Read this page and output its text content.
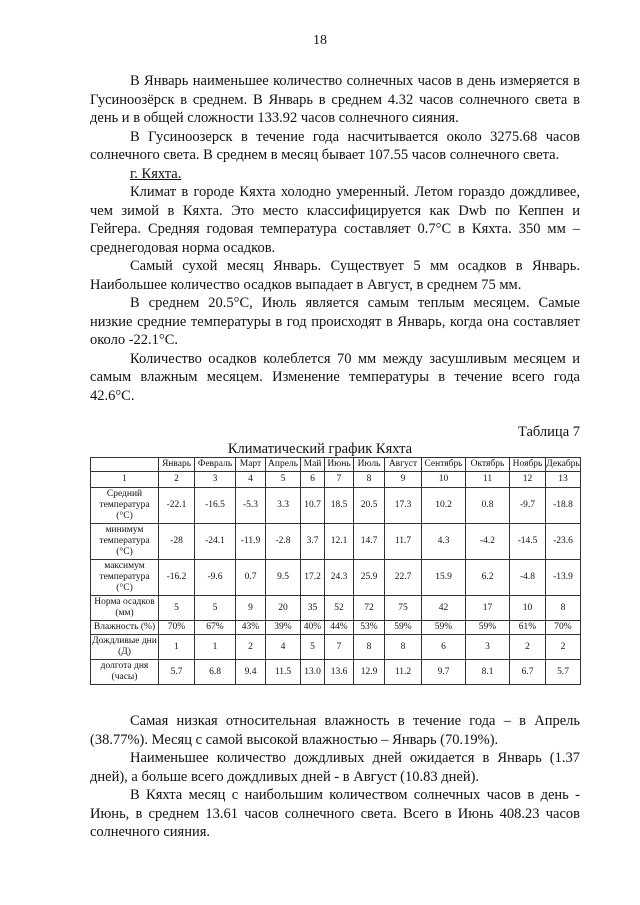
18

В Январь наименьшее количество солнечных часов в день измеряется в Гусиноозёрск в среднем. В Январь в среднем 4.32 часов солнечного света в день и в общей сложности 133.92 часов солнечного сияния.

В Гусиноозерск в течение года насчитывается около 3275.68 часов солнечного света. В среднем в месяц бывает 107.55 часов солнечного света.

г. Кяхта.

Климат в городе Кяхта холодно умеренный. Летом гораздо дождливее, чем зимой в Кяхта. Это место классифицируется как Dwb по Кеппен и Гейгера. Средняя годовая температура составляет 0.7°C в Кяхта. 350 мм – среднегодовая норма осадков.

Самый сухой месяц Январь. Существует 5 мм осадков в Январь. Наибольшее количество осадков выпадает в Август, в среднем 75 мм.

В среднем 20.5°C, Июль является самым теплым месяцем. Самые низкие средние температуры в год происходят в Январь, когда она составляет около -22.1°C.

Количество осадков колеблется 70 мм между засушливым месяцем и самым влажным месяцем. Изменение температуры в течение всего года 42.6°C.

Таблица 7
Климатический график Кяхта
	Январь	Февраль	Март	Апрель	Май	Июнь	Июль	Август	Сентябрь	Октябрь	Ноябрь	Декабрь
1	2	3	4	5	6	7	8	9	10	11	12	13
Средний температура (°C)	-22.1	-16.5	-5.3	3.3	10.7	18.5	20.5	17.3	10.2	0.8	-9.7	-18.8
минимум температура (°C)	-28	-24.1	-11.9	-2.8	3.7	12.1	14.7	11.7	4.3	-4.2	-14.5	-23.6
максимум температура (°C)	-16.2	-9.6	0.7	9.5	17.2	24.3	25.9	22.7	15.9	6.2	-4.8	-13.9
Норма осадков (мм)	5	5	9	20	35	52	72	75	42	17	10	8
Влажность (%)	70%	67%	43%	39%	40%	44%	53%	59%	59%	59%	61%	70%
Дождливые дни (Д)	1	1	2	4	5	7	8	8	6	3	2	2
долгота дня (часы)	5.7	6.8	9.4	11.5	13.0	13.6	12.9	11.2	9.7	8.1	6.7	5.7

Самая низкая относительная влажность в течение года – в Апрель (38.77%). Месяц с самой высокой влажностью – Январь (70.19%).

Наименьшее количество дождливых дней ожидается в Январь (1.37 дней), а больше всего дождливых дней - в Август (10.83 дней).

В Кяхта месяц с наибольшим количеством солнечных часов в день - Июнь, в среднем 13.61 часов солнечного света. Всего в Июнь 408.23 часов солнечного сияния.
